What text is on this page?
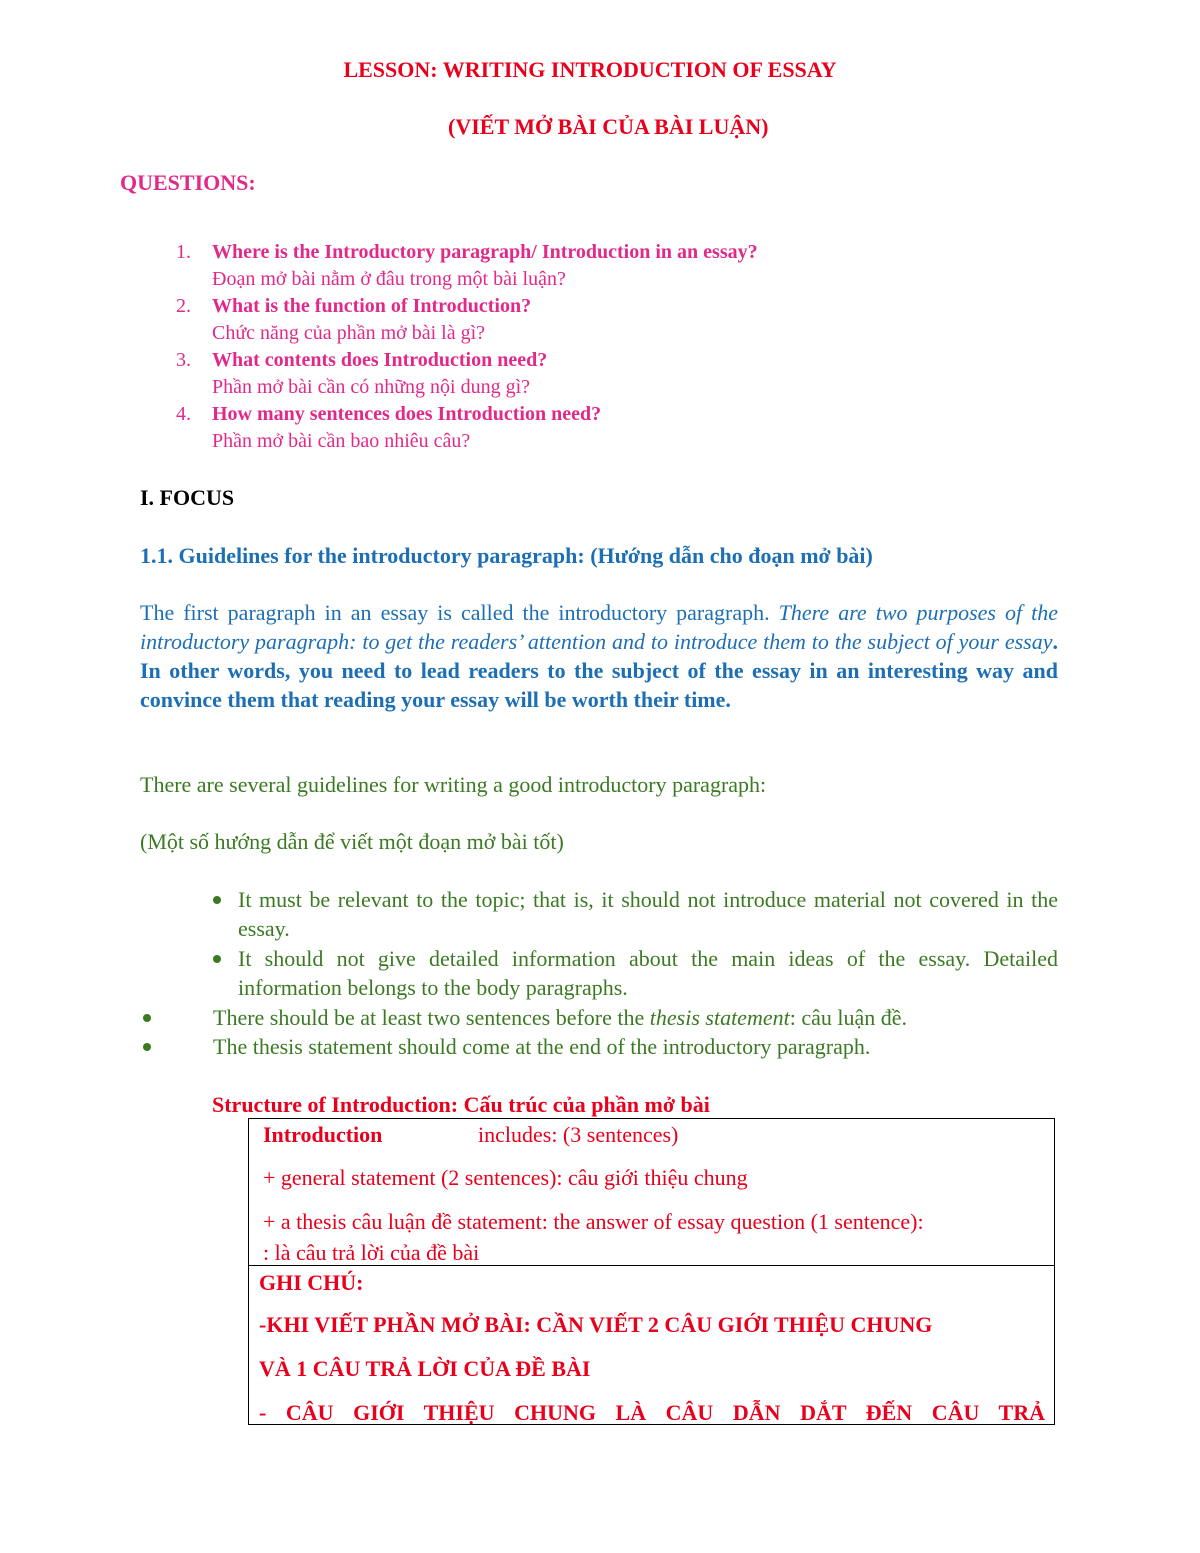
LESSON: WRITING INTRODUCTION OF ESSAY
(VIẾT MỞ BÀI CỦA BÀI LUẬN)
QUESTIONS:
1. Where is the Introductory paragraph/ Introduction in an essay?
Đoạn mở bài nằm ở đâu trong một bài luận?
2. What is the function of Introduction?
Chức năng của phần mở bài là gì?
3. What contents does Introduction need?
Phần mở bài cần có những nội dung gì?
4. How many sentences does Introduction need?
Phần mở bài cần bao nhiêu câu?
I. FOCUS
1.1. Guidelines for the introductory paragraph: (Hướng dẫn cho đoạn mở bài)
The first paragraph in an essay is called the introductory paragraph. There are two purposes of the introductory paragraph: to get the readers’ attention and to introduce them to the subject of your essay. In other words, you need to lead readers to the subject of the essay in an interesting way and convince them that reading your essay will be worth their time.
There are several guidelines for writing a good introductory paragraph:
(Một số hướng dẫn để viết một đoạn mở bài tốt)
It must be relevant to the topic; that is, it should not introduce material not covered in the essay.
It should not give detailed information about the main ideas of the essay. Detailed information belongs to the body paragraphs.
There should be at least two sentences before the thesis statement: câu luận đề.
The thesis statement should come at the end of the introductory paragraph.
Structure of Introduction: Cấu trúc của phần mở bài
Introduction	includes: (3 sentences)
+ general statement (2 sentences): câu giới thiệu chung
+ a thesis câu luận đề statement: the answer of essay question (1 sentence):
: là câu trả lời của đề bài
GHI CHÚ:
-KHI VIẾT PHẦN MỞ BÀI: CẦN VIẾT 2 CÂU GIỚI THIỆU CHUNG
VÀ 1 CÂU TRẢ LỜI CỦA ĐỀ BÀI
- CÂU GIỚI THIỆU CHUNG LÀ CÂU DẪN DẮT ĐẾN CÂU TRẢ
